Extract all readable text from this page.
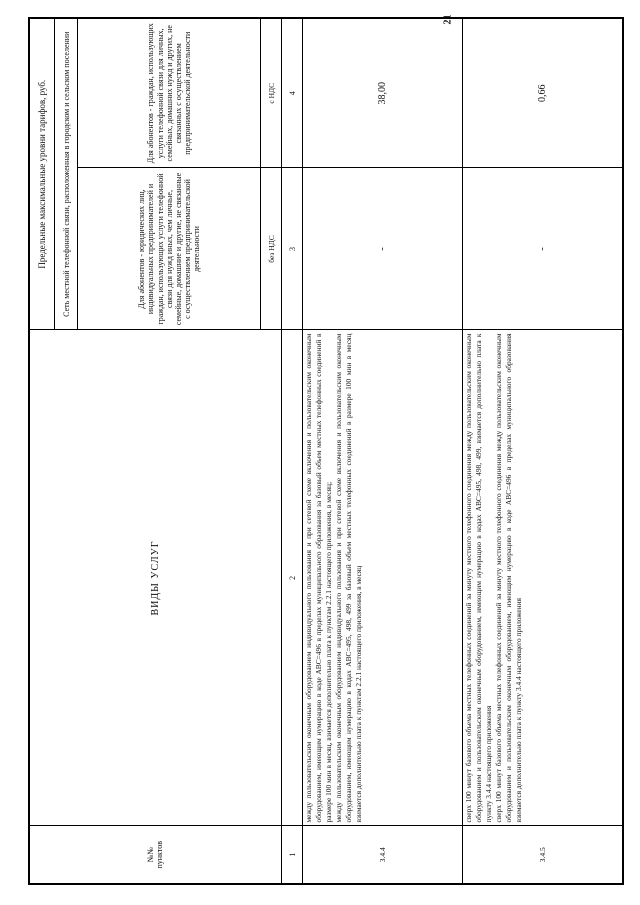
№№
пунктов	ВИДЫ УСЛУГ	Предельные максимальные уровни тарифов, руб.	
		Сеть местной телефонной связи, расположенная в городском и сельском поселении	
		Для абонентов - юридических лиц, индивидуальных предпринимателей и граждан, использующих услуги телефонной связи для нужд иных, чем личные, семейные, домашние и другие, не связанные с осуществлением предпринимательской деятельности	Для абонентов - граждан, использующих услуги телефонной связи для личных, семейных, домашних нужд и других, не связанных с осуществлением предпринимательской деятельности
		без НДС	с НДС
1	2	3	4
3.4.4	между пользовательским оконечным оборудованием индивидуального пользования и при сетевой схеме включения и пользовательским оконечным оборудованием, имеющим нумерацию в коде АВС=496 в пределах муниципального образования за базовый объем местных телефонных соединений в размере 100 мин в месяц, взимается дополнительно плата к пунктам 2.2.1 настоящего приложения, в месяц; между пользовательским оконечным оборудованием индивидуального пользования и при сетевой схеме включения и пользовательским оконечным оборудованием, имеющим нумерацию в кодах АВС=495, 498, 499 за базовый объем местных телефонных соединений в размере 100 мин в месяц взимается дополнительно плата к пунктам 2.2.1 настоящего приложения, в месяц	-	38,00
3.4.5	сверх 100 минут базового объема местных телефонных соединений за минуту местного телефонного соединения между пользовательским оконечным оборудованием и пользовательским оконечным оборудованием, имеющим нумерацию в кодах АВС=495, 498, 499, взимается дополнительно плата к пункту 3.4.4 настоящего приложения сверх 100 минут базового объема местных телефонных соединений за минуту местного телефонного соединения между пользовательским оконечным оборудованием и пользовательским оконечным оборудованием, имеющим нумерацию в коде АВС=496 в пределах муниципального образования взимается дополнительно плата к пункту 3.4.4 настоящего приложения	-	0,66
21
